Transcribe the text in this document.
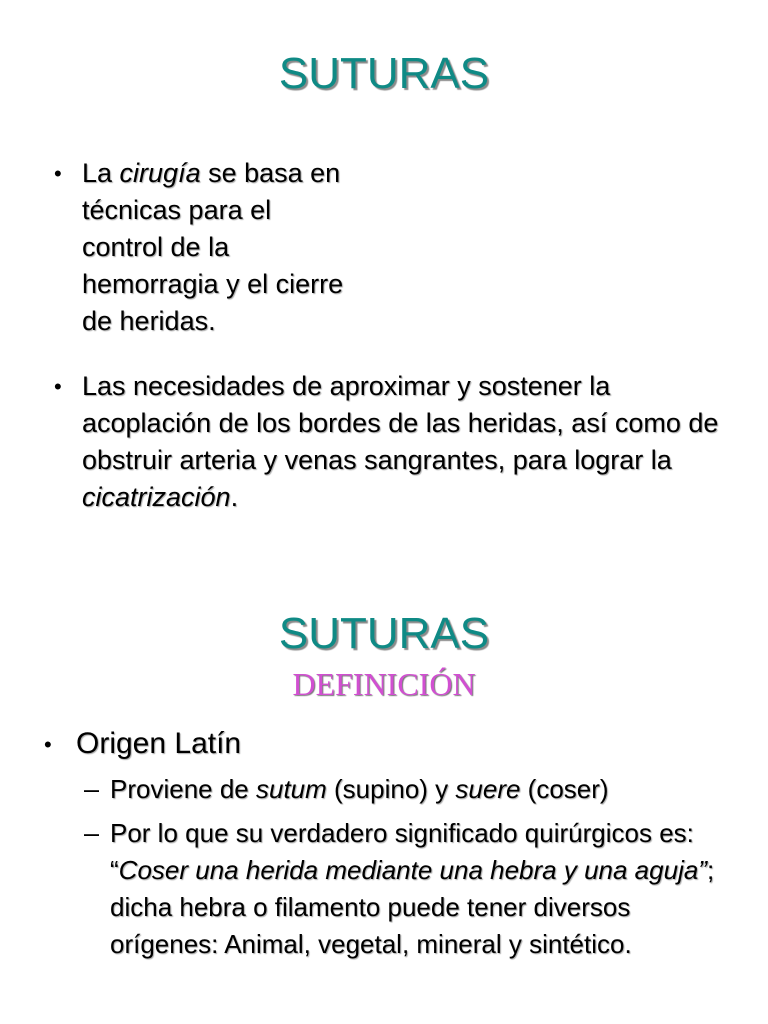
SUTURAS
• La cirugía se basa en técnicas para el control de la hemorragia y el cierre de heridas.

• Las necesidades de aproximar y sostener la acoplación de los bordes de las heridas, así como de obstruir arteria y venas sangrantes, para lograr la cicatrización.

SUTURAS
DEFINICIÓN
• Origen Latín

– Proviene de sutum (supino) y suere (coser)

– Por lo que su verdadero significado quirúrgicos es: “Coser una herida mediante una hebra y una aguja”; dicha hebra o filamento puede tener diversos orígenes: Animal, vegetal, mineral y sintético.
